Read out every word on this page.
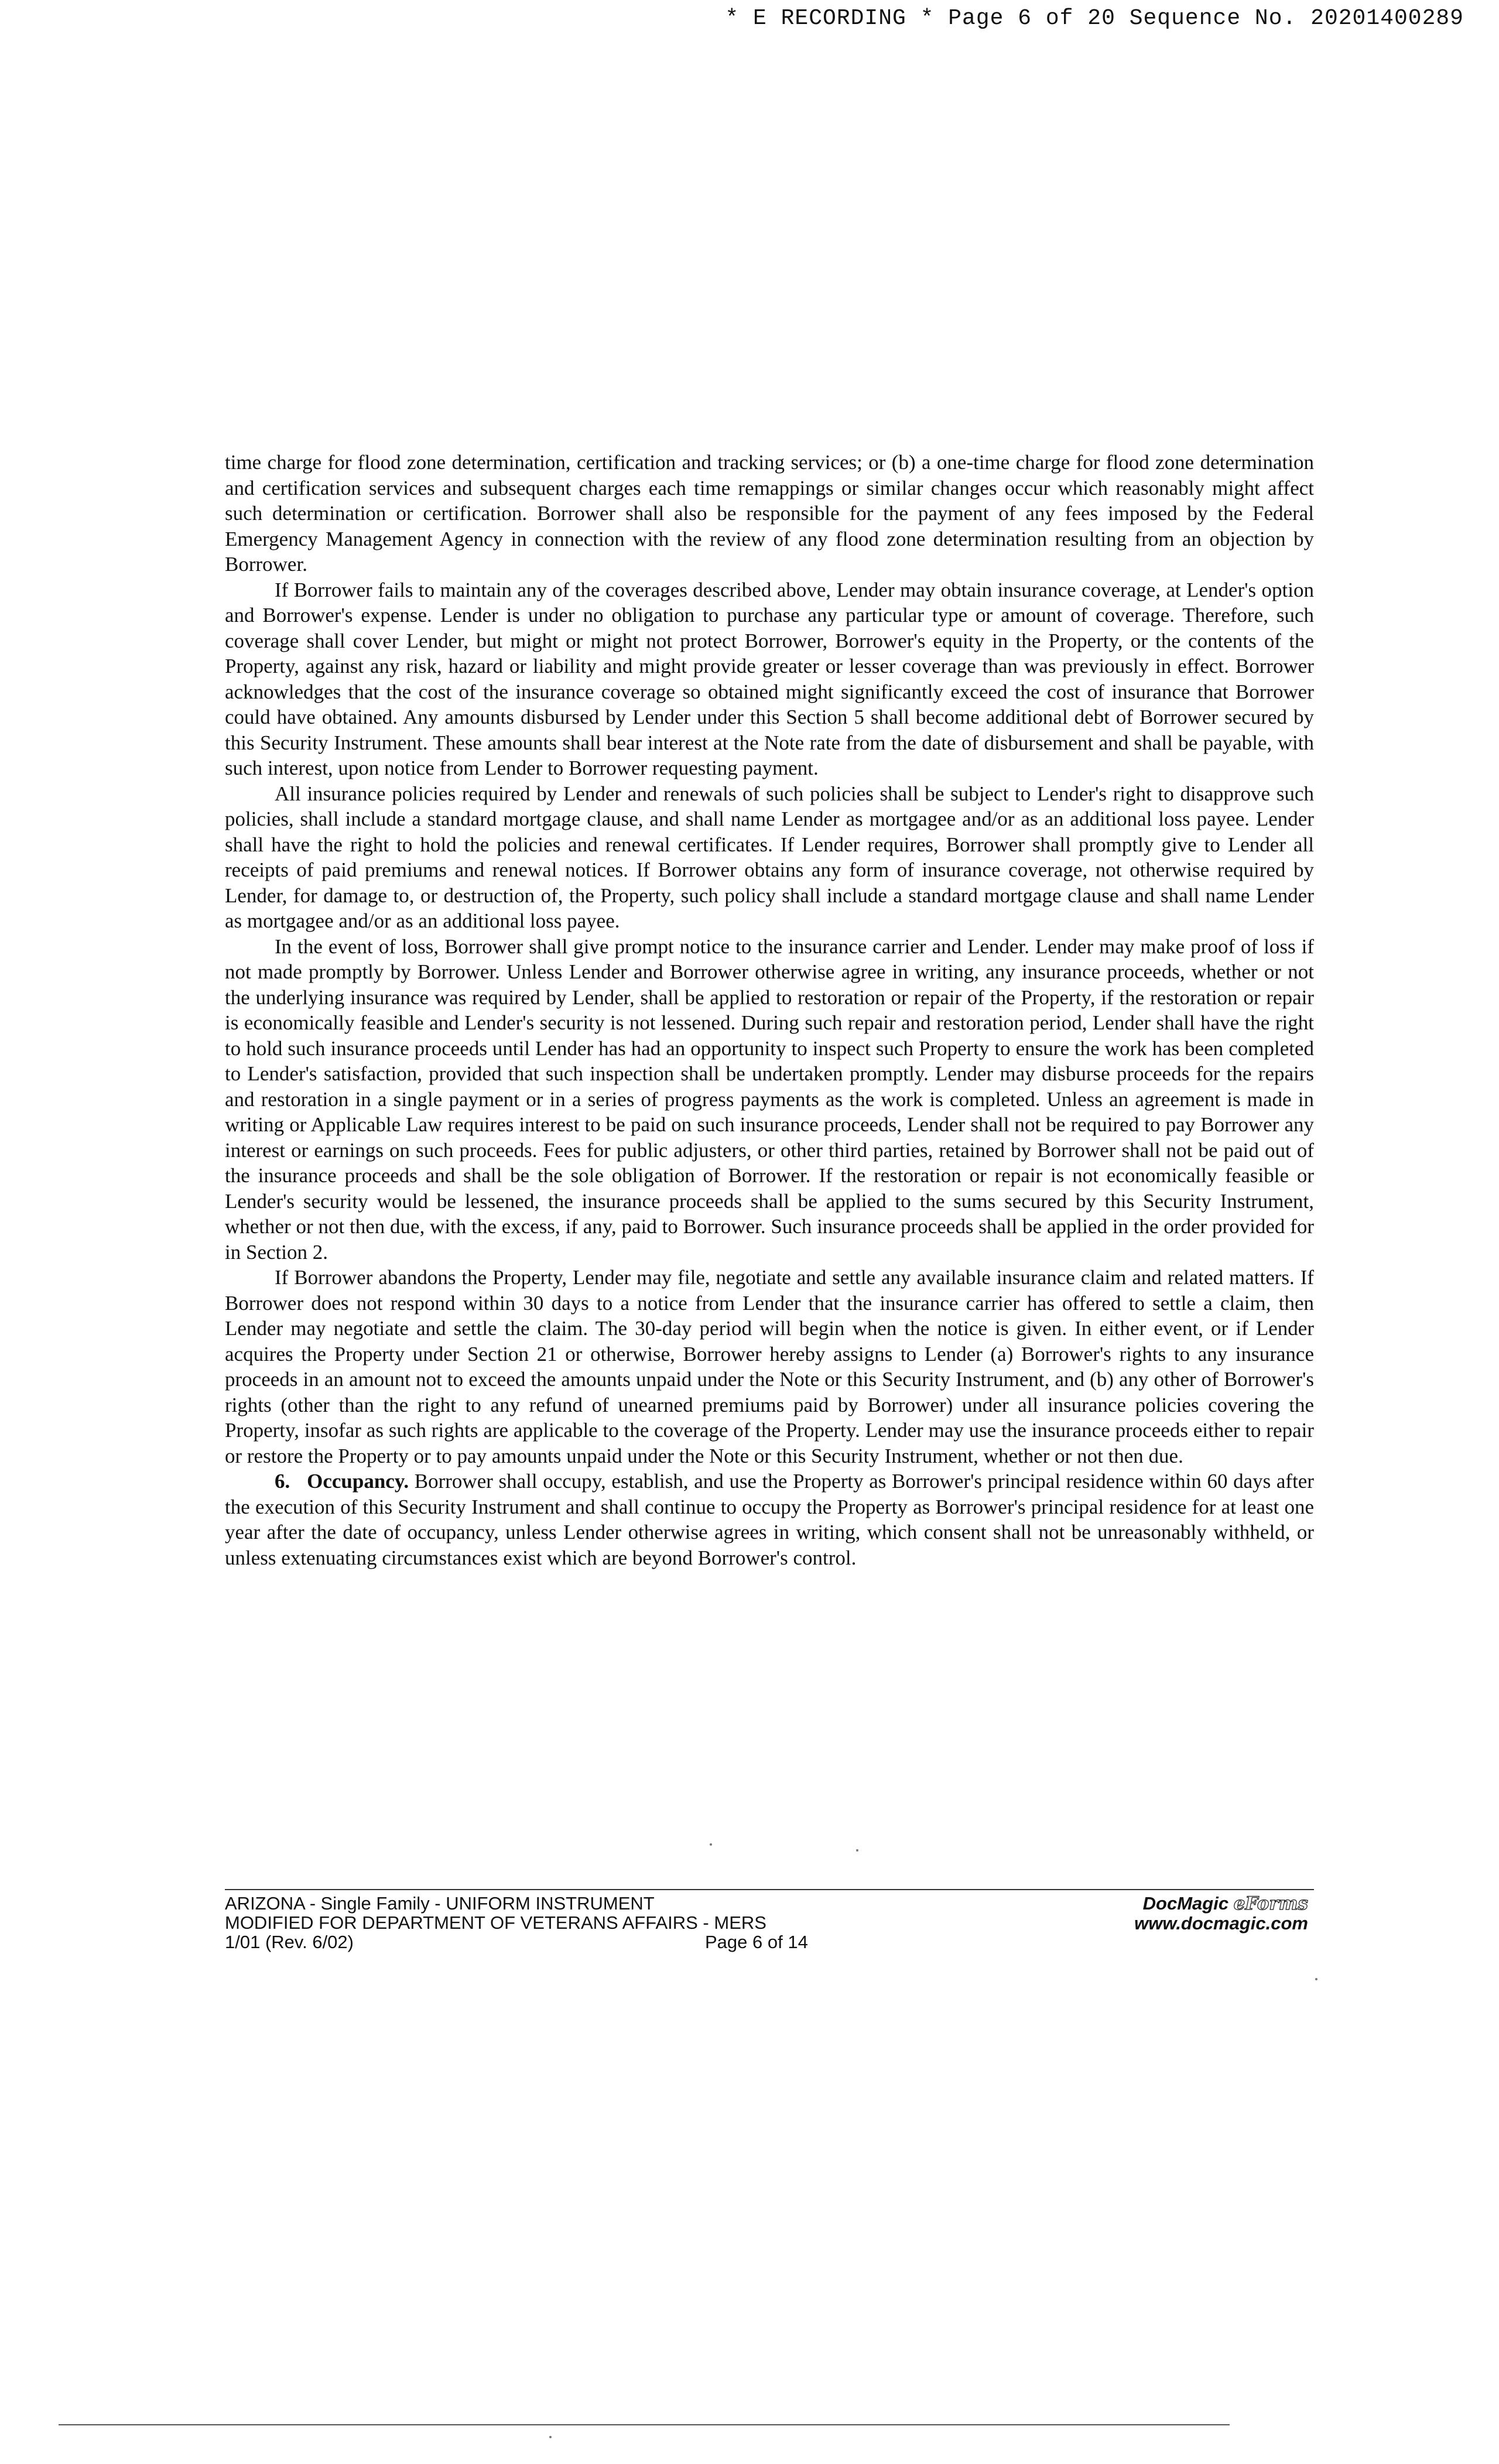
* E RECORDING * Page 6 of 20 Sequence No. 20201400289

time charge for flood zone determination, certification and tracking services; or (b) a one-time charge for flood zone determination and certification services and subsequent charges each time remappings or similar changes occur which reasonably might affect such determination or certification. Borrower shall also be responsible for the payment of any fees imposed by the Federal Emergency Management Agency in connection with the review of any flood zone determination resulting from an objection by Borrower.

If Borrower fails to maintain any of the coverages described above, Lender may obtain insurance coverage, at Lender's option and Borrower's expense. Lender is under no obligation to purchase any particular type or amount of coverage. Therefore, such coverage shall cover Lender, but might or might not protect Borrower, Borrower's equity in the Property, or the contents of the Property, against any risk, hazard or liability and might provide greater or lesser coverage than was previously in effect. Borrower acknowledges that the cost of the insurance coverage so obtained might significantly exceed the cost of insurance that Borrower could have obtained. Any amounts disbursed by Lender under this Section 5 shall become additional debt of Borrower secured by this Security Instrument. These amounts shall bear interest at the Note rate from the date of disbursement and shall be payable, with such interest, upon notice from Lender to Borrower requesting payment.

All insurance policies required by Lender and renewals of such policies shall be subject to Lender's right to disapprove such policies, shall include a standard mortgage clause, and shall name Lender as mortgagee and/or as an additional loss payee. Lender shall have the right to hold the policies and renewal certificates. If Lender requires, Borrower shall promptly give to Lender all receipts of paid premiums and renewal notices. If Borrower obtains any form of insurance coverage, not otherwise required by Lender, for damage to, or destruction of, the Property, such policy shall include a standard mortgage clause and shall name Lender as mortgagee and/or as an additional loss payee.

In the event of loss, Borrower shall give prompt notice to the insurance carrier and Lender. Lender may make proof of loss if not made promptly by Borrower. Unless Lender and Borrower otherwise agree in writing, any insurance proceeds, whether or not the underlying insurance was required by Lender, shall be applied to restoration or repair of the Property, if the restoration or repair is economically feasible and Lender's security is not lessened. During such repair and restoration period, Lender shall have the right to hold such insurance proceeds until Lender has had an opportunity to inspect such Property to ensure the work has been completed to Lender's satisfaction, provided that such inspection shall be undertaken promptly. Lender may disburse proceeds for the repairs and restoration in a single payment or in a series of progress payments as the work is completed. Unless an agreement is made in writing or Applicable Law requires interest to be paid on such insurance proceeds, Lender shall not be required to pay Borrower any interest or earnings on such proceeds. Fees for public adjusters, or other third parties, retained by Borrower shall not be paid out of the insurance proceeds and shall be the sole obligation of Borrower. If the restoration or repair is not economically feasible or Lender's security would be lessened, the insurance proceeds shall be applied to the sums secured by this Security Instrument, whether or not then due, with the excess, if any, paid to Borrower. Such insurance proceeds shall be applied in the order provided for in Section 2.

If Borrower abandons the Property, Lender may file, negotiate and settle any available insurance claim and related matters. If Borrower does not respond within 30 days to a notice from Lender that the insurance carrier has offered to settle a claim, then Lender may negotiate and settle the claim. The 30-day period will begin when the notice is given. In either event, or if Lender acquires the Property under Section 21 or otherwise, Borrower hereby assigns to Lender (a) Borrower's rights to any insurance proceeds in an amount not to exceed the amounts unpaid under the Note or this Security Instrument, and (b) any other of Borrower's rights (other than the right to any refund of unearned premiums paid by Borrower) under all insurance policies covering the Property, insofar as such rights are applicable to the coverage of the Property. Lender may use the insurance proceeds either to repair or restore the Property or to pay amounts unpaid under the Note or this Security Instrument, whether or not then due.

6. Occupancy. Borrower shall occupy, establish, and use the Property as Borrower's principal residence within 60 days after the execution of this Security Instrument and shall continue to occupy the Property as Borrower's principal residence for at least one year after the date of occupancy, unless Lender otherwise agrees in writing, which consent shall not be unreasonably withheld, or unless extenuating circumstances exist which are beyond Borrower's control.

ARIZONA - Single Family - UNIFORM INSTRUMENT
MODIFIED FOR DEPARTMENT OF VETERANS AFFAIRS - MERS
1/01 (Rev. 6/02)	Page 6 of 14
DocMagic eForms
www.docmagic.com
